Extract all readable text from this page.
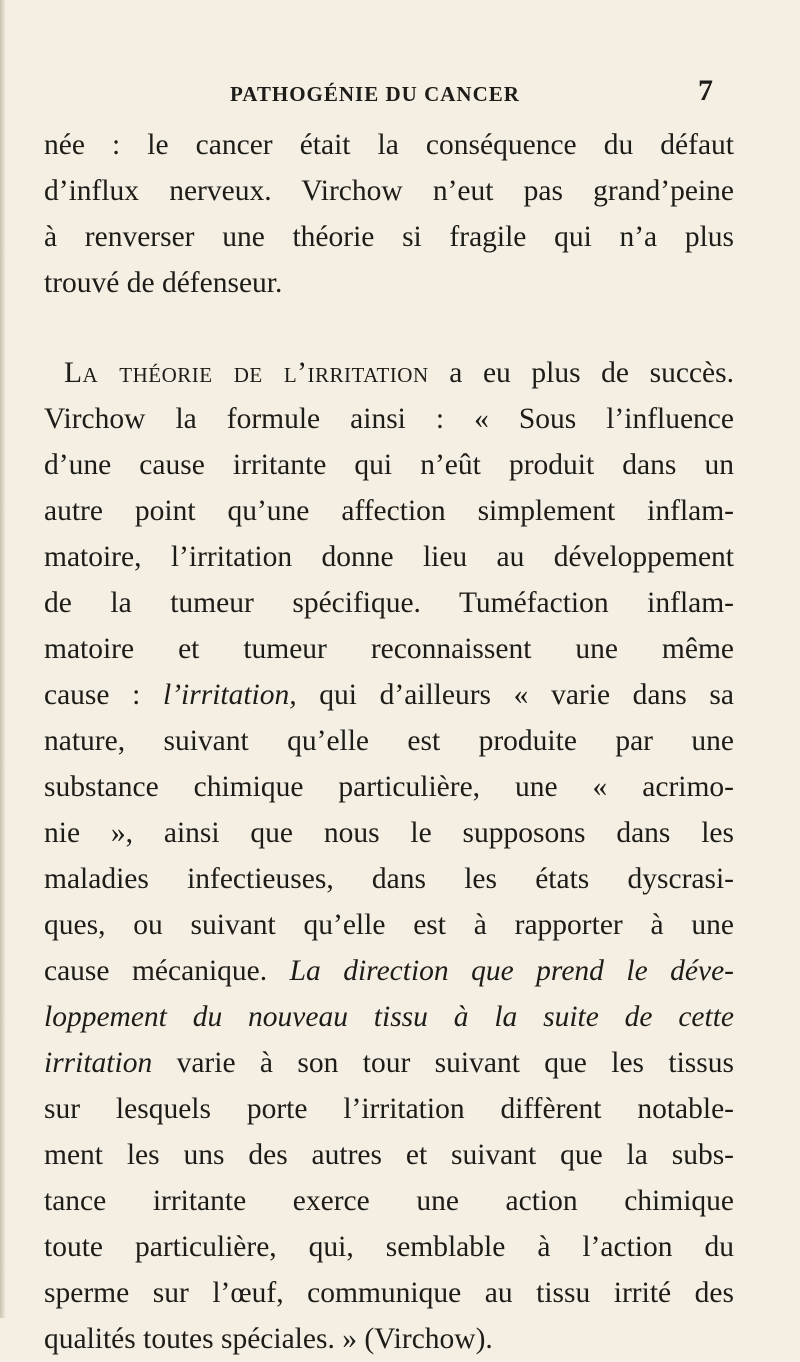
PATHOGÉNIE DU CANCER	7
née : le cancer était la conséquence du défaut
d’influx nerveux. Virchow n’eut pas grand’peine
à renverser une théorie si fragile qui n’a plus
trouvé de défenseur.
La théorie de l’irritation a eu plus de succès.
Virchow la formule ainsi : « Sous l’influence
d’une cause irritante qui n’eût produit dans un
autre point qu’une affection simplement inflam-
matoire, l’irritation donne lieu au développement
de la tumeur spécifique. Tuméfaction inflam-
matoire et tumeur reconnaissent une même
cause : l’irritation, qui d’ailleurs « varie dans sa
nature, suivant qu’elle est produite par une
substance chimique particulière, une « acrimo-
nie », ainsi que nous le supposons dans les
maladies infectieuses, dans les états dyscrasi-
ques, ou suivant qu’elle est à rapporter à une
cause mécanique. La direction que prend le déve-
loppement du nouveau tissu à la suite de cette
irritation varie à son tour suivant que les tissus
sur lesquels porte l’irritation diffèrent notable-
ment les uns des autres et suivant que la subs-
tance irritante exerce une action chimique
toute particulière, qui, semblable à l’action du
sperme sur l’œuf, communique au tissu irrité des
qualités toutes spéciales. » (Virchow).
